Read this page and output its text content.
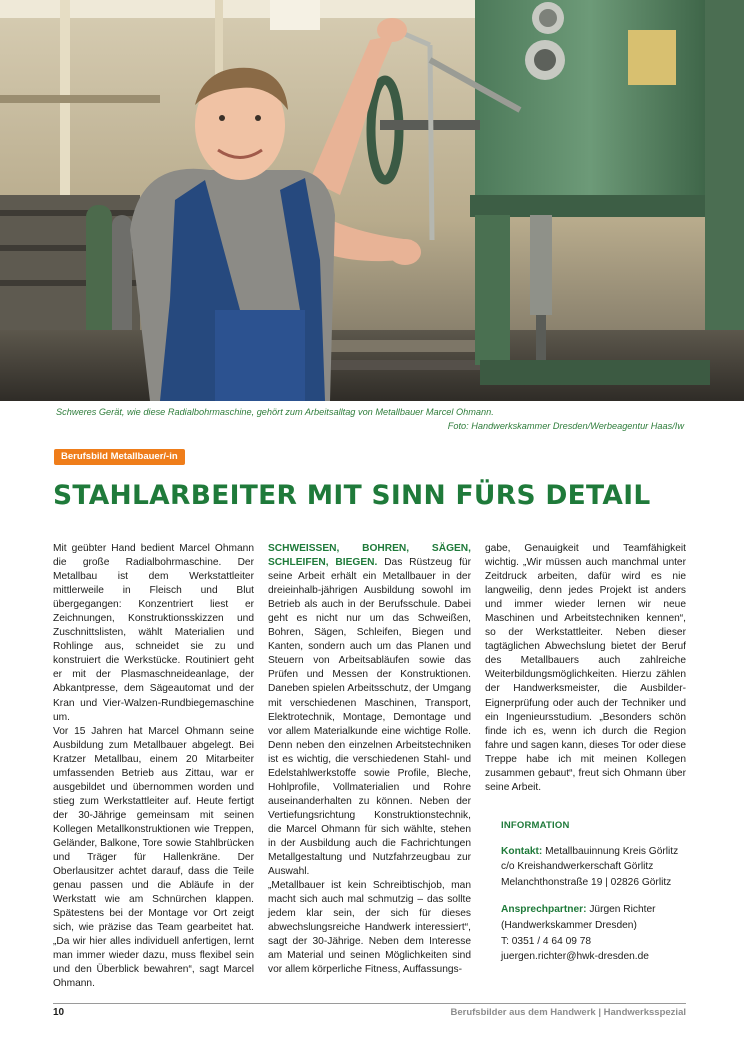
Schweres Gerät, wie diese Radialbohrmaschine, gehört zum Arbeitsalltag von Metallbauer Marcel Ohmann.
Foto: Handwerkskammer Dresden/Werbeagentur Haas/Iw
Berufsbild Metallbauer/-in
STAHLARBEITER MIT SINN FÜRS DETAIL

Mit geübter Hand bedient Marcel Ohmann die große Radialbohrmaschine. Der Metallbau ist dem Werkstattleiter mittlerweile in Fleisch und Blut übergegangen: Konzentriert liest er Zeichnungen, Konstruktionsskizzen und Zuschnittslisten, wählt Materialien und Rohlinge aus, schneidet sie zu und konstruiert die Werkstücke. Routiniert geht er mit der Plasmaschneideanlage, der Abkantpresse, dem Sägeautomat und der Kran und Vier-Walzen-Rundbiegemaschine um.

Vor 15 Jahren hat Marcel Ohmann seine Ausbildung zum Metallbauer abgelegt. Bei Kratzer Metallbau, einem 20 Mitarbeiter umfassenden Betrieb aus Zittau, war er ausgebildet und übernommen worden und stieg zum Werkstattleiter auf. Heute fertigt der 30-Jährige gemeinsam mit seinen Kollegen Metallkonstruktionen wie Treppen, Geländer, Balkone, Tore sowie Stahlbrücken und Träger für Hallenkräne. Der Oberlausitzer achtet darauf, dass die Teile genau passen und die Abläufe in der Werkstatt wie am Schnürchen klappen. Spätestens bei der Montage vor Ort zeigt sich, wie präzise das Team gearbeitet hat. „Da wir hier alles individuell anfertigen, lernt man immer wieder dazu, muss flexibel sein und den Überblick bewahren“, sagt Marcel Ohmann.

SCHWEISSEN, BOHREN, SÄGEN, SCHLEIFEN, BIEGEN. Das Rüstzeug für seine Arbeit erhält ein Metallbauer in der dreieinhalb-jährigen Ausbildung sowohl im Betrieb als auch in der Berufsschule. Dabei geht es nicht nur um das Schweißen, Bohren, Sägen, Schleifen, Biegen und Kanten, sondern auch um das Planen und Steuern von Arbeitsabläufen sowie das Prüfen und Messen der Konstruktionen. Daneben spielen Arbeitsschutz, der Umgang mit verschiedenen Maschinen, Transport, Elektrotechnik, Montage, Demontage und vor allem Materialkunde eine wichtige Rolle. Denn neben den einzelnen Arbeitstechniken ist es wichtig, die verschiedenen Stahl- und Edelstahlwerkstoffe sowie Profile, Bleche, Hohlprofile, Vollmaterialien und Rohre auseinanderhalten zu können. Neben der Vertiefungsrichtung Konstruktionstechnik, die Marcel Ohmann für sich wählte, stehen in der Ausbildung auch die Fachrichtungen Metallgestaltung und Nutzfahrzeugbau zur Auswahl.

„Metallbauer ist kein Schreibtischjob, man macht sich auch mal schmutzig – das sollte jedem klar sein, der sich für dieses abwechslungsreiche Handwerk interessiert“, sagt der 30-Jährige. Neben dem Interesse am Material und seinen Möglichkeiten sind vor allem körperliche Fitness, Auffassungs-

gabe, Genauigkeit und Teamfähigkeit wichtig. „Wir müssen auch manchmal unter Zeitdruck arbeiten, dafür wird es nie langweilig, denn jedes Projekt ist anders und immer wieder lernen wir neue Maschinen und Arbeitstechniken kennen“, so der Werkstattleiter. Neben dieser tagtäglichen Abwechslung bietet der Beruf des Metallbauers auch zahlreiche Weiterbildungsmöglichkeiten. Hierzu zählen der Handwerksmeister, die Ausbilder-Eignerprüfung oder auch der Techniker und ein Ingenieursstudium. „Besonders schön finde ich es, wenn ich durch die Region fahre und sagen kann, dieses Tor oder diese Treppe habe ich mit meinen Kollegen zusammen gebaut“, freut sich Ohmann über seine Arbeit.

INFORMATION
Kontakt: Metallbauinnung Kreis Görlitz
c/o Kreishandwerkerschaft Görlitz
Melanchthonstraße 19 | 02826 Görlitz
Ansprechpartner: Jürgen Richter
(Handwerkskammer Dresden)
T: 0351 / 4 64 09 78
juergen.richter@hwk-dresden.de
10	Berufsbilder aus dem Handwerk | Handwerksspezial
